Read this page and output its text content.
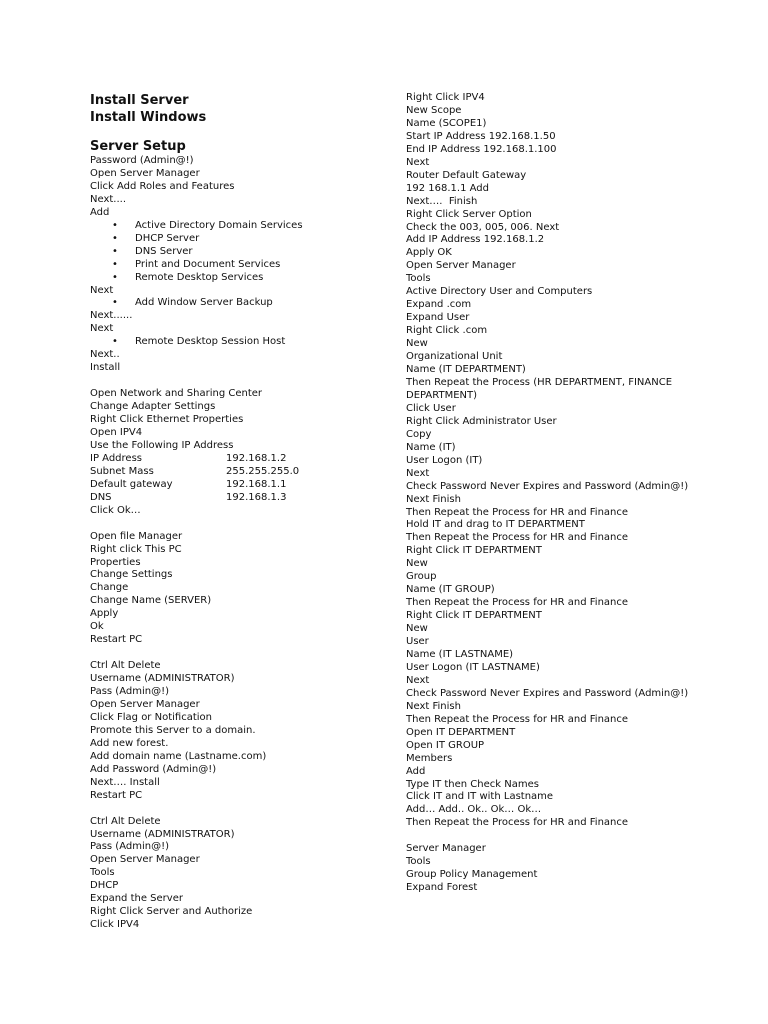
Install Server
Install Windows
Server Setup
Password (Admin@!)
Open Server Manager
Click Add Roles and Features
Next....
Add
• Active Directory Domain Services
• DHCP Server
• DNS Server
• Print and Document Services
• Remote Desktop Services
Next
• Add Window Server Backup
Next......
Next
• Remote Desktop Session Host
Next..
Install
Open Network and Sharing Center
Change Adapter Settings
Right Click Ethernet Properties
Open IPV4
Use the Following IP Address
IP Address	192.168.1.2
Subnet Mass	255.255.255.0
Default gateway	192.168.1.1
DNS	192.168.1.3
Click Ok…
Open file Manager
Right click This PC
Properties
Change Settings
Change
Change Name (SERVER)
Apply
Ok
Restart PC
Ctrl Alt Delete
Username (ADMINISTRATOR)
Pass (Admin@!)
Open Server Manager
Click Flag or Notification
Promote this Server to a domain.
Add new forest.
Add domain name (Lastname.com)
Add Password (Admin@!)
Next…. Install
Restart PC
Ctrl Alt Delete
Username (ADMINISTRATOR)
Pass (Admin@!)
Open Server Manager
Tools
DHCP
Expand the Server
Right Click Server and Authorize
Click IPV4
Right Click IPV4
New Scope
Name (SCOPE1)
Start IP Address 192.168.1.50
End IP Address 192.168.1.100
Next
Router Default Gateway
192 168.1.1 Add
Next….  Finish
Right Click Server Option
Check the 003, 005, 006. Next
Add IP Address 192.168.1.2
Apply OK
Open Server Manager
Tools
Active Directory User and Computers
Expand .com
Expand User
Right Click .com
New
Organizational Unit
Name (IT DEPARTMENT)
Then Repeat the Process (HR DEPARTMENT, FINANCE DEPARTMENT)
Click User
Right Click Administrator User
Copy
Name (IT)
User Logon (IT)
Next
Check Password Never Expires and Password (Admin@!)
Next Finish
Then Repeat the Process for HR and Finance
Hold IT and drag to IT DEPARTMENT
Then Repeat the Process for HR and Finance
Right Click IT DEPARTMENT
New
Group
Name (IT GROUP)
Then Repeat the Process for HR and Finance
Right Click IT DEPARTMENT
New
User
Name (IT LASTNAME)
User Logon (IT LASTNAME)
Next
Check Password Never Expires and Password (Admin@!)
Next Finish
Then Repeat the Process for HR and Finance
Open IT DEPARTMENT
Open IT GROUP
Members
Add
Type IT then Check Names
Click IT and IT with Lastname
Add… Add.. Ok.. Ok… Ok…
Then Repeat the Process for HR and Finance
Server Manager
Tools
Group Policy Management
Expand Forest
